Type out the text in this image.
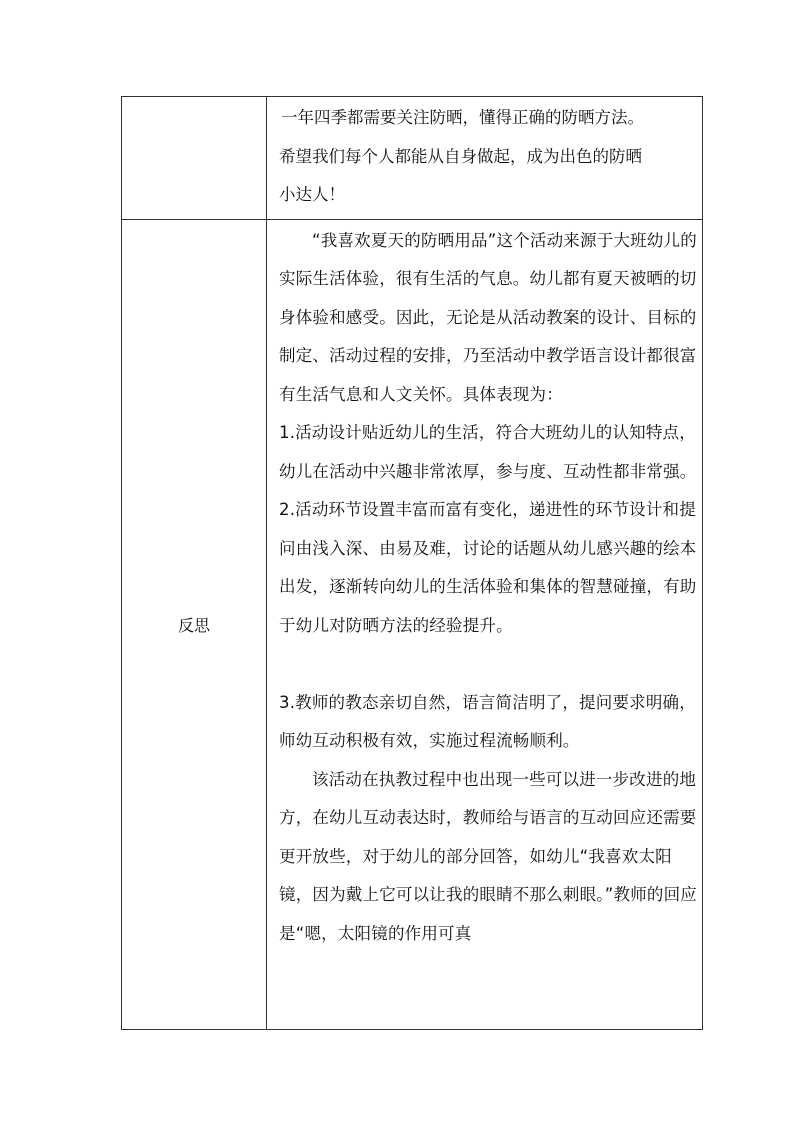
	一年四季都需要关注防晒，懂得正确的防晒方法。

希望我们每个人都能从自身做起，成为出色的防晒

小达人！

反思	“我喜欢夏天的防晒用品”这个活动来源于大班幼儿的实际生活体验，很有生活的气息。幼儿都有夏天被晒的切身体验和感受。因此，无论是从活动教案的设计、目标的制定、活动过程的安排，乃至活动中教学语言设计都很富有生活气息和人文关怀。具体表现为：

1.活动设计贴近幼儿的生活，符合大班幼儿的认知特点，幼儿在活动中兴趣非常浓厚，参与度、互动性都非常强。

2.活动环节设置丰富而富有变化，递进性的环节设计和提问由浅入深、由易及难，讨论的话题从幼儿感兴趣的绘本出发，逐渐转向幼儿的生活体验和集体的智慧碰撞，有助于幼儿对防晒方法的经验提升。

3.教师的教态亲切自然，语言简洁明了，提问要求明确，师幼互动积极有效，实施过程流畅顺利。

该活动在执教过程中也出现一些可以进一步改进的地方，在幼儿互动表达时，教师给与语言的互动回应还需要更开放些，对于幼儿的部分回答，如幼儿“我喜欢太阳镜，因为戴上它可以让我的眼睛不那么刺眼。”教师的回应是“嗯，太阳镜的作用可真
